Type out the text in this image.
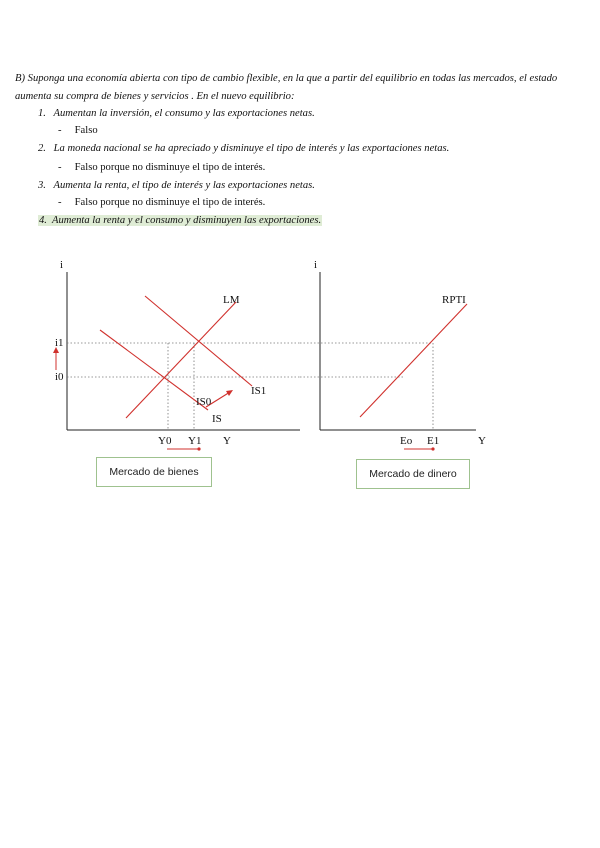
B) Suponga una economía abierta con tipo de cambio flexible, en la que a partir del equilibrio en todas las mercados, el estado aumenta su compra de bienes y servicios . En el nuevo equilibrio:
1. Aumentan la inversión, el consumo y las exportaciones netas.
- Falso
2. La moneda nacional se ha apreciado y disminuye el tipo de interés y las exportaciones netas.
- Falso porque no disminuye el tipo de interés.
3. Aumenta la renta, el tipo de interés y las exportaciones netas.
- Falso porque no disminuye el tipo de interés.
4. Aumenta la renta y el consumo y disminuyen las exportaciones.
i
Y
LM
IS0
IS
IS1
i1
i0
Y0 Y1
i
Y
RPTI
Eo E1
Mercado de bienes	Mercado de dinero
